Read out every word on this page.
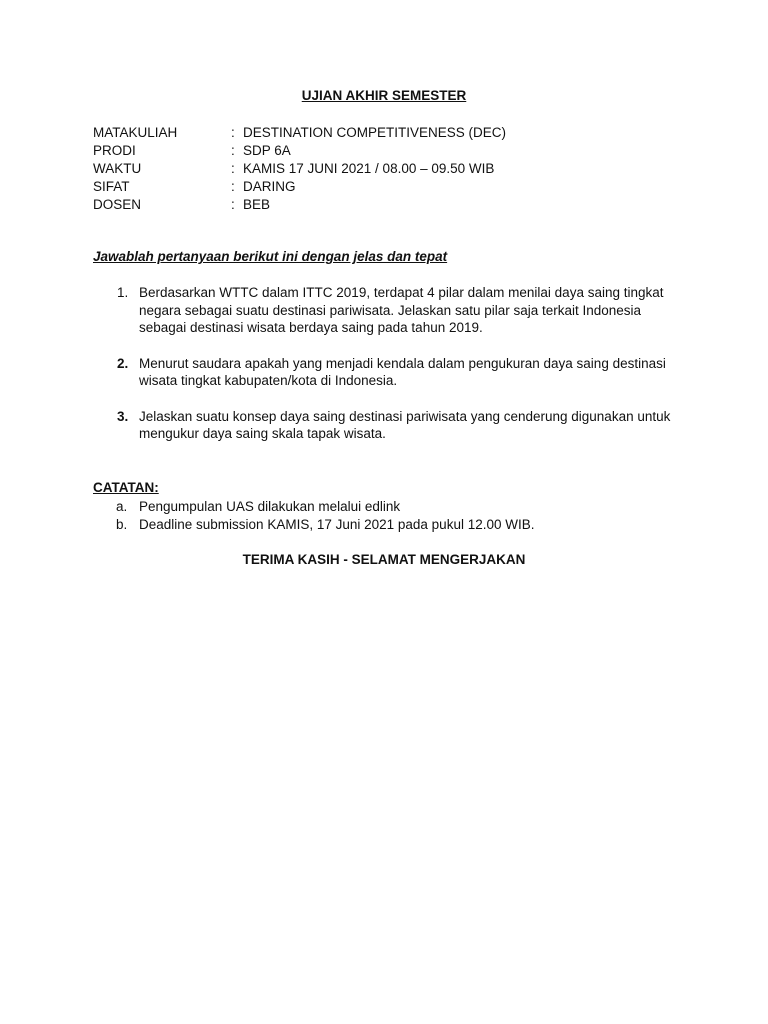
UJIAN AKHIR SEMESTER
MATAKULIAH	: DESTINATION COMPETITIVENESS (DEC)
PRODI	: SDP 6A
WAKTU	: KAMIS 17 JUNI 2021 / 08.00 – 09.50 WIB
SIFAT	: DARING
DOSEN	: BEB
Jawablah pertanyaan berikut ini dengan jelas dan tepat
1. Berdasarkan WTTC dalam ITTC 2019, terdapat 4 pilar dalam menilai daya saing tingkat negara sebagai suatu destinasi pariwisata. Jelaskan satu pilar saja terkait Indonesia sebagai destinasi wisata berdaya saing pada tahun 2019.
2. Menurut saudara apakah yang menjadi kendala dalam pengukuran daya saing destinasi wisata tingkat kabupaten/kota di Indonesia.
3. Jelaskan suatu konsep daya saing destinasi pariwisata yang cenderung digunakan untuk mengukur daya saing skala tapak wisata.
CATATAN:
a. Pengumpulan UAS dilakukan melalui edlink
b. Deadline submission KAMIS, 17 Juni 2021 pada pukul 12.00 WIB.
TERIMA KASIH - SELAMAT MENGERJAKAN
